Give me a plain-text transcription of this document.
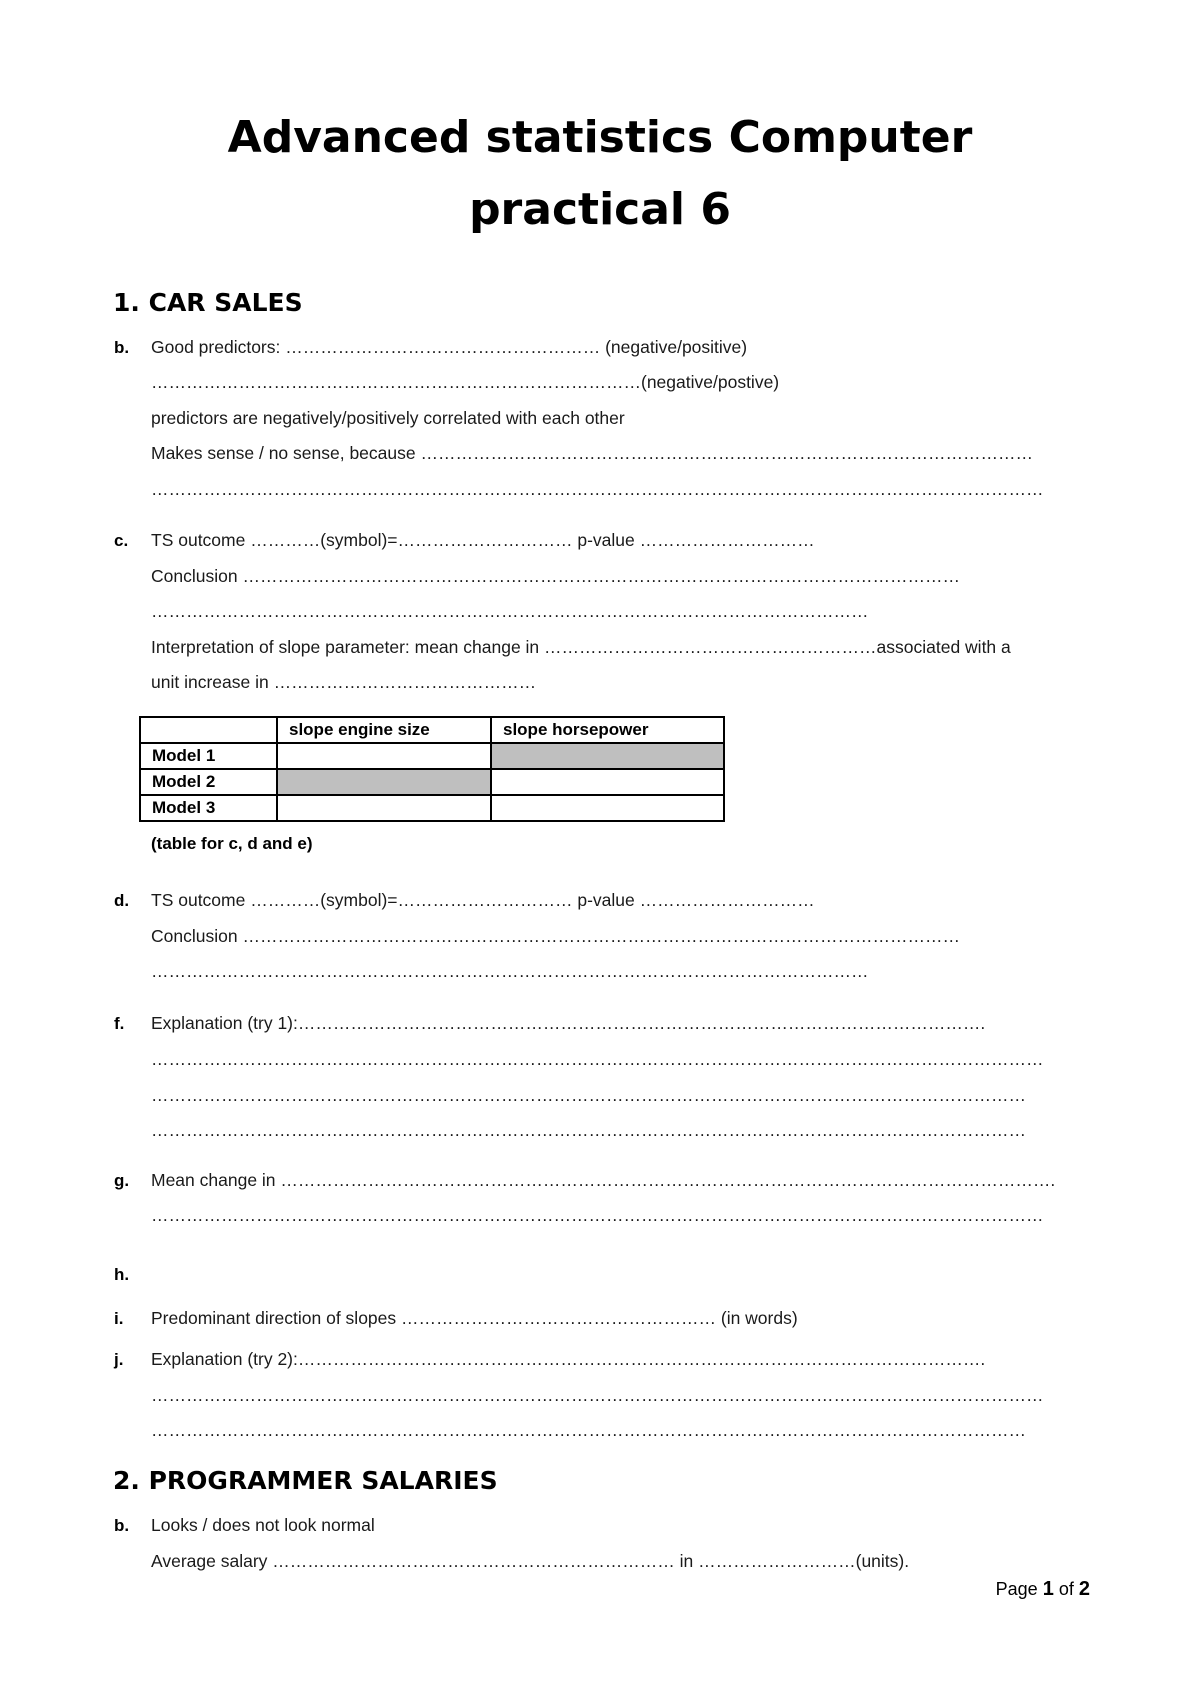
Advanced statistics Computer
practical 6
1. CAR SALES
b. Good predictors: ……………………………………………… (negative/positive)
…………………………………………………………………………(negative/postive)
predictors are negatively/positively correlated with each other
Makes sense / no sense, because ……………………………………………………………………………………………
………………………………………………………………………………………………………………………………………
c. TS outcome …………(symbol)=………………………… p-value …………………………
Conclusion ……………………………………………………………………………………………………………
……………………………………………………………………………………………………………
Interpretation of slope parameter: mean change in …………………………………………………associated with a
unit increase in ………………………………………
	slope engine size	slope horsepower
Model 1		
Model 2		
Model 3		
(table for c, d and e)
d. TS outcome …………(symbol)=………………………… p-value …………………………
Conclusion ……………………………………………………………………………………………………………
……………………………………………………………………………………………………………
f. Explanation (try 1):……………………………………………………………………………………………………….
………………………………………………………………………………………………………………………………………
……………………………………………………………………………………………………………………………………
……………………………………………………………………………………………………………………………………
g. Mean change in …………………………………………………………………………………………………………………….
………………………………………………………………………………………………………………………………………
h.
i. Predominant direction of slopes ……………………………………………… (in words)
j. Explanation (try 2):……………………………………………………………………………………………………….
………………………………………………………………………………………………………………………………………
……………………………………………………………………………………………………………………………………
2. PROGRAMMER SALARIES
b. Looks / does not look normal
Average salary …………………………………………………………… in ………………………(units).
Page 1 of 2
